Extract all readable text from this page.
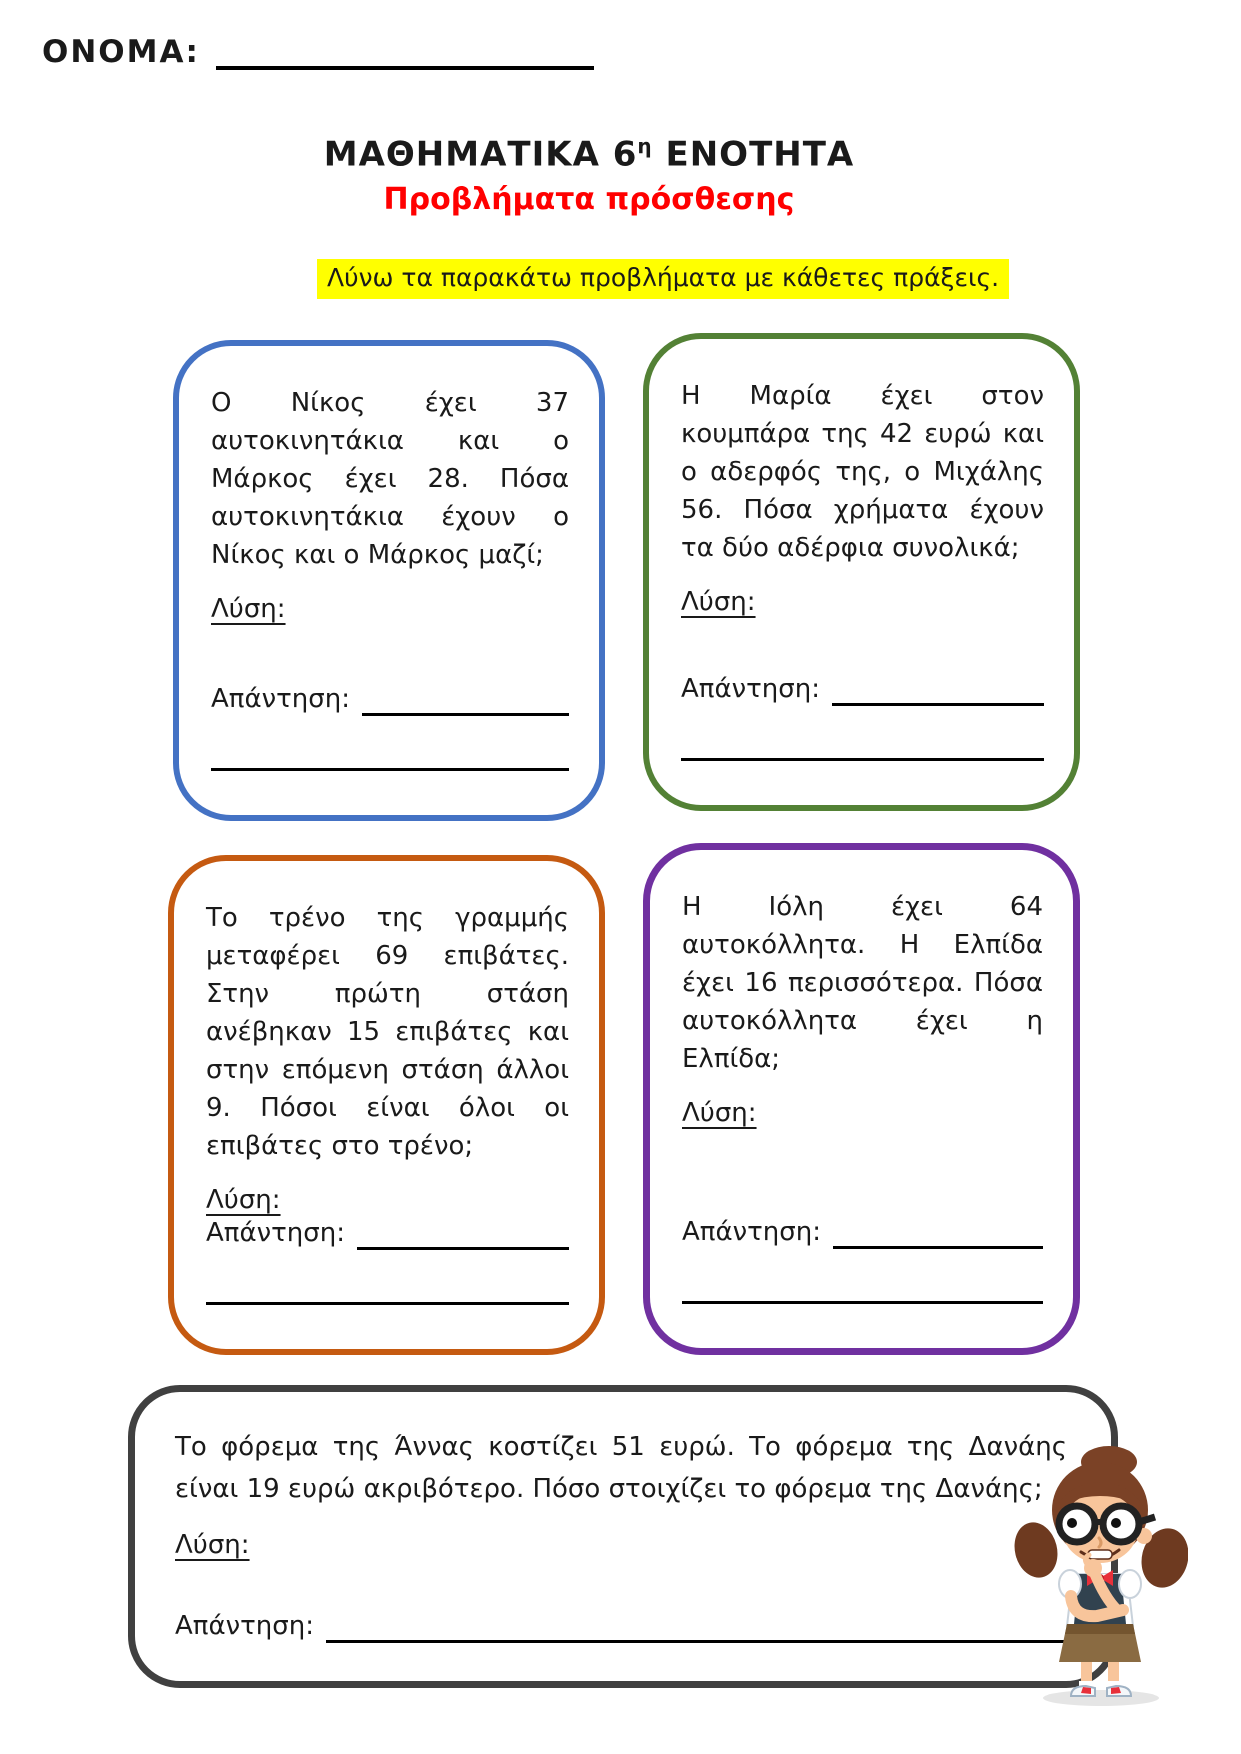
ΟΝΟΜΑ:
ΜΑΘΗΜΑΤΙΚΑ $6^\eta$ ΕΝΟΤΗΤΑ
Προβλήματα πρόσθεσης
Λύνω τα παρακάτω προβλήματα με κάθετες πράξεις.
Ο Νίκος έχει 37 αυτοκινητάκια και ο Μάρκος έχει 28. Πόσα αυτοκινητάκια έχουν ο Νίκος και ο Μάρκος μαζί;
Λύση:
Απάντηση:
Η Μαρία έχει στον κουμπάρα της 42 ευρώ και ο αδερφός της, ο Μιχάλης 56. Πόσα χρήματα έχουν τα δύο αδέρφια συνολικά;
Λύση:
Απάντηση:
Το τρένο της γραμμής μεταφέρει 69 επιβάτες. Στην πρώτη στάση ανέβηκαν 15 επιβάτες και στην επόμενη στάση άλλοι 9. Πόσοι είναι όλοι οι επιβάτες στο τρένο;
Λύση:
Απάντηση:
Η Ιόλη έχει 64 αυτοκόλλητα. Η Ελπίδα έχει 16 περισσότερα. Πόσα αυτοκόλλητα έχει η Ελπίδα;
Λύση:
Απάντηση:
Το φόρεμα της Άννας κοστίζει 51 ευρώ. Το φόρεμα της Δανάης είναι 19 ευρώ ακριβότερο. Πόσο στοιχίζει το φόρεμα της Δανάης;
Λύση:
Απάντηση:
